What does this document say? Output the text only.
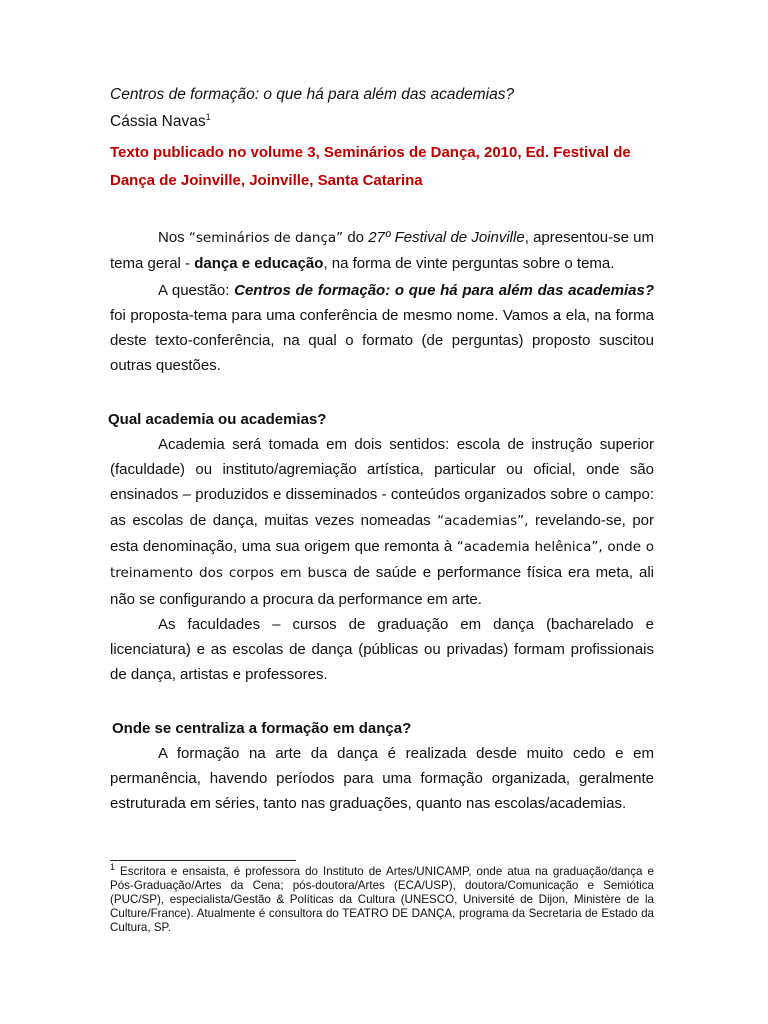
Centros de formação: o que há para além das academias?
Cássia Navas$^1$
Texto publicado no volume 3, Seminários de Dança, 2010, Ed. Festival de
Dança de Joinville, Joinville, Santa Catarina

Nos “seminários de dança” do 27º Festival de Joinville, apresentou-se um tema geral - dança e educação, na forma de vinte perguntas sobre o tema.

A questão: Centros de formação: o que há para além das academias? foi proposta-tema para uma conferência de mesmo nome. Vamos a ela, na forma deste texto-conferência, na qual o formato (de perguntas) proposto suscitou outras questões.

Qual academia ou academias?

Academia será tomada em dois sentidos: escola de instrução superior (faculdade) ou instituto/agremiação artística, particular ou oficial, onde são ensinados – produzidos e disseminados - conteúdos organizados sobre o campo: as escolas de dança, muitas vezes nomeadas “academias”, revelando-se, por esta denominação, uma sua origem que remonta à “academia helênica”, onde o treinamento dos corpos em busca de saúde e performance física era meta, ali não se configurando a procura da performance em arte.

As faculdades – cursos de graduação em dança (bacharelado e licenciatura) e as escolas de dança (públicas ou privadas) formam profissionais de dança, artistas e professores.

Onde se centraliza a formação em dança?

A formação na arte da dança é realizada desde muito cedo e em permanência, havendo períodos para uma formação organizada, geralmente estruturada em séries, tanto nas graduações, quanto nas escolas/academias.

$^1$ Escritora e ensaista, é professora do Instituto de Artes/UNICAMP, onde atua na graduação/dança e Pós-Graduação/Artes da Cena; pós-doutora/Artes (ECA/USP), doutora/Comunicação e Semiótica (PUC/SP), especialista/Gestão & Políticas da Cultura (UNESCO, Université de Dijon, Ministère de la Culture/France). Atualmente é consultora do TEATRO DE DANÇA, programa da Secretaria de Estado da Cultura, SP.
